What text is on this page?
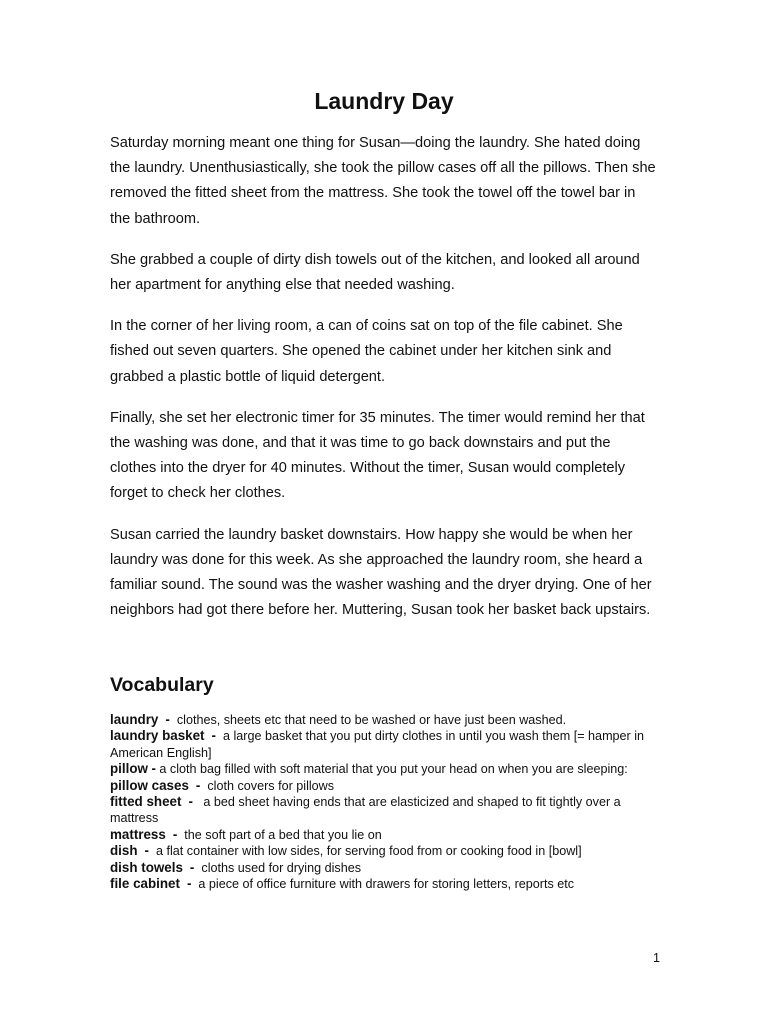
Laundry Day

Saturday morning meant one thing for Susan—doing the laundry. She hated doing the laundry. Unenthusiastically, she took the pillow cases off all the pillows. Then she removed the fitted sheet from the mattress. She took the towel off the towel bar in the bathroom.

She grabbed a couple of dirty dish towels out of the kitchen, and looked all around her apartment for anything else that needed washing.

In the corner of her living room, a can of coins sat on top of the file cabinet. She fished out seven quarters. She opened the cabinet under her kitchen sink and grabbed a plastic bottle of liquid detergent.

Finally, she set her electronic timer for 35 minutes. The timer would remind her that the washing was done, and that it was time to go back downstairs and put the clothes into the dryer for 40 minutes. Without the timer, Susan would completely forget to check her clothes.

Susan carried the laundry basket downstairs. How happy she would be when her laundry was done for this week. As she approached the laundry room, she heard a familiar sound. The sound was the washer washing and the dryer drying. One of her neighbors had got there before her. Muttering, Susan took her basket back upstairs.

Vocabulary
laundry - clothes, sheets etc that need to be washed or have just been washed.
laundry basket - a large basket that you put dirty clothes in until you wash them [= hamper in American English]
pillow - a cloth bag filled with soft material that you put your head on when you are sleeping:
pillow cases - cloth covers for pillows
fitted sheet - a bed sheet having ends that are elasticized and shaped to fit tightly over a mattress
mattress - the soft part of a bed that you lie on
dish - a flat container with low sides, for serving food from or cooking food in [bowl]
dish towels - cloths used for drying dishes
file cabinet - a piece of office furniture with drawers for storing letters, reports etc
1
